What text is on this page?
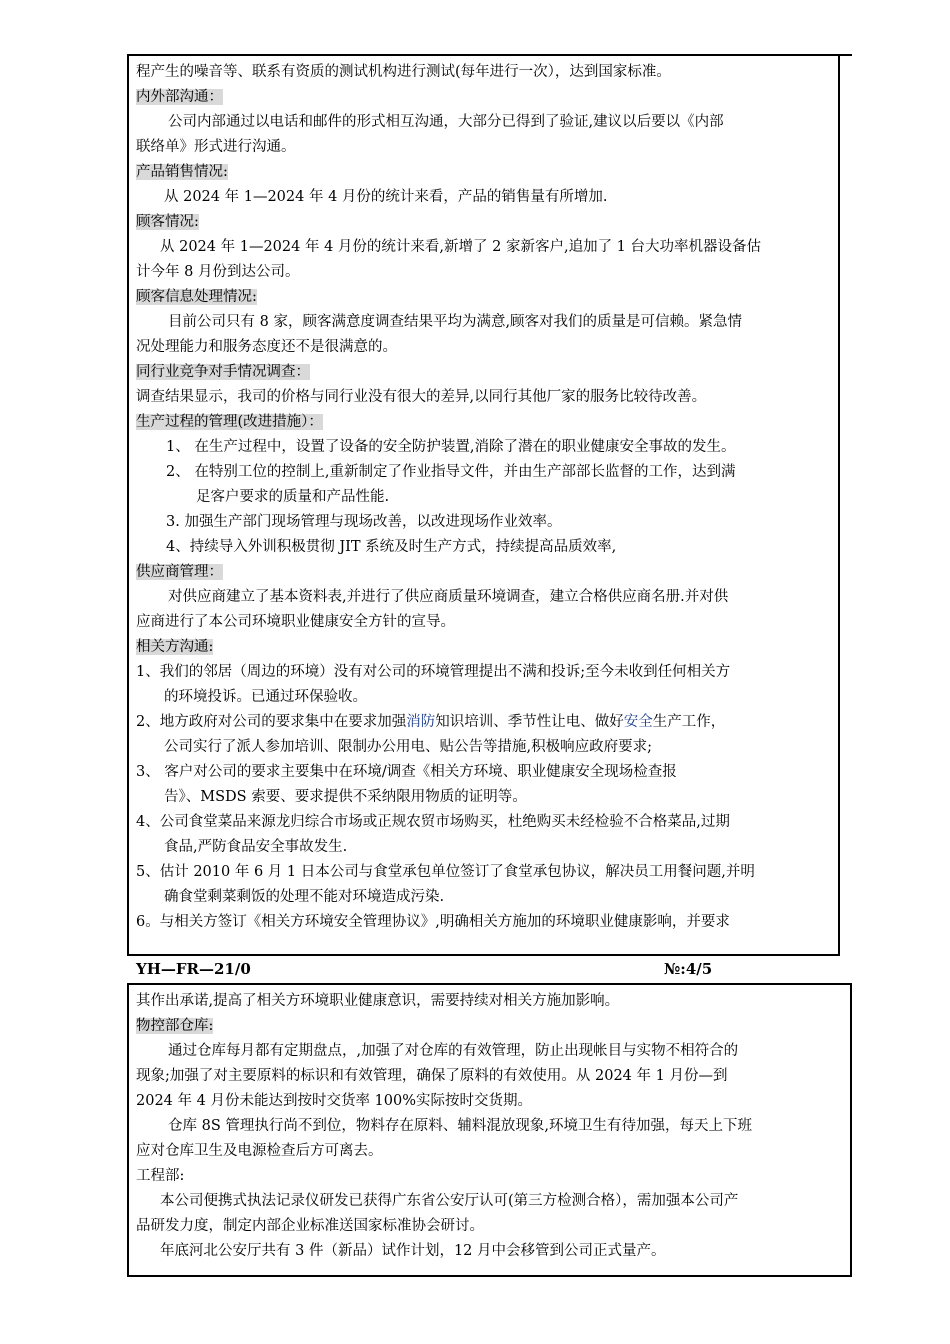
程产生的噪音等、联系有资质的测试机构进行测试(每年进行一次），达到国家标准。
内外部沟通：
公司内部通过以电话和邮件的形式相互沟通，大部分已得到了验证,建议以后要以《内部
联络单》形式进行沟通。
产品销售情况:
从 2024 年 1—2024 年 4 月份的统计来看，产品的销售量有所增加.
顾客情况:
从 2024 年 1—2024 年 4 月份的统计来看,新增了 2 家新客户,追加了 1 台大功率机器设备估
计今年 8 月份到达公司。
顾客信息处理情况:
目前公司只有 8 家，顾客满意度调查结果平均为满意,顾客对我们的质量是可信赖。紧急情
况处理能力和服务态度还不是很满意的。
同行业竞争对手情况调查：
调查结果显示，我司的价格与同行业没有很大的差异,以同行其他厂家的服务比较待改善。
生产过程的管理(改进措施）：
1、 在生产过程中，设置了设备的安全防护装置,消除了潜在的职业健康安全事故的发生。
2、 在特别工位的控制上,重新制定了作业指导文件，并由生产部部长监督的工作，达到满
足客户要求的质量和产品性能.
3. 加强生产部门现场管理与现场改善，以改进现场作业效率。
4、持续导入外训积极贯彻 JIT 系统及时生产方式，持续提高品质效率,
供应商管理：
对供应商建立了基本资料表,并进行了供应商质量环境调查，建立合格供应商名册.并对供
应商进行了本公司环境职业健康安全方针的宣导。
相关方沟通:
1、我们的邻居（周边的环境）没有对公司的环境管理提出不满和投诉;至今未收到任何相关方
的环境投诉。已通过环保验收。
2、地方政府对公司的要求集中在要求加强消防知识培训、季节性让电、做好安全生产工作，
公司实行了派人参加培训、限制办公用电、贴公告等措施,积极响应政府要求;
3、 客户对公司的要求主要集中在环境/调查《相关方环境、职业健康安全现场检查报
告》、MSDS 索要、要求提供不采纳限用物质的证明等。
4、公司食堂菜品来源龙归综合市场或正规农贸市场购买，杜绝购买未经检验不合格菜品,过期
食品,严防食品安全事故发生.
5、估计 2010 年 6 月 1 日本公司与食堂承包单位签订了食堂承包协议，解决员工用餐问题,并明
确食堂剩菜剩饭的处理不能对环境造成污染.
6。与相关方签订《相关方环境安全管理协议》,明确相关方施加的环境职业健康影响，并要求
YH—FR—21/0	№:4/5
其作出承诺,提高了相关方环境职业健康意识，需要持续对相关方施加影响。
物控部仓库:
通过仓库每月都有定期盘点，,加强了对仓库的有效管理，防止出现帐目与实物不相符合的
现象;加强了对主要原料的标识和有效管理，确保了原料的有效使用。从 2024 年 1 月份—到
2024 年 4 月份未能达到按时交货率 100%实际按时交货期。
仓库 8S 管理执行尚不到位，物料存在原料、辅料混放现象,环境卫生有待加强，每天上下班
应对仓库卫生及电源检查后方可离去。
工程部:
本公司便携式执法记录仪研发已获得广东省公安厅认可(第三方检测合格），需加强本公司产
品研发力度，制定内部企业标准送国家标准协会研讨。
年底河北公安厅共有 3 件（新品）试作计划，12 月中会移管到公司正式量产。
